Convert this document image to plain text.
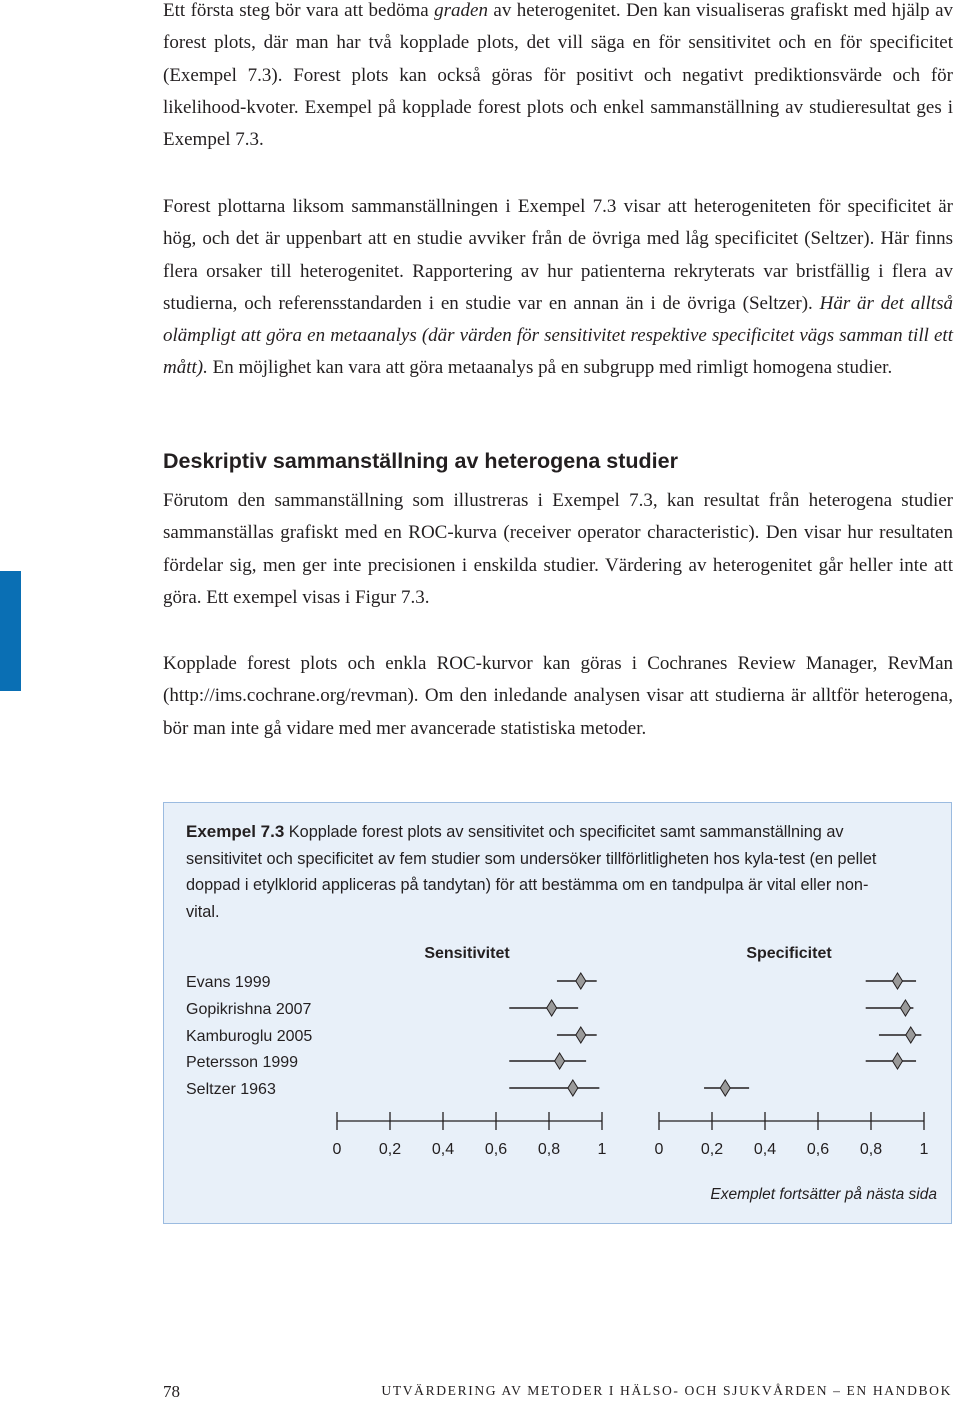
Ett första steg bör vara att bedöma graden av heterogenitet. Den kan visualiseras grafiskt med hjälp av forest plots, där man har två kopplade plots, det vill säga en för sensitivitet och en för specificitet (Exempel 7.3). Forest plots kan också göras för positivt och negativt prediktionsvärde och för likelihood-kvoter. Exempel på kopplade forest plots och enkel sammanställning av studieresultat ges i Exempel 7.3.

Forest plottarna liksom sammanställningen i Exempel 7.3 visar att heterogeniteten för specificitet är hög, och det är uppenbart att en studie avviker från de övriga med låg specificitet (Seltzer). Här finns flera orsaker till heterogenitet. Rapportering av hur patienterna rekryterats var bristfällig i flera av studierna, och referensstandarden i en studie var en annan än i de övriga (Seltzer). Här är det alltså olämpligt att göra en metaanalys (där värden för sensitivitet respektive specificitet vägs samman till ett mått). En möjlighet kan vara att göra metaanalys på en subgrupp med rimligt homogena studier.

Deskriptiv sammanställning av heterogena studier

Förutom den sammanställning som illustreras i Exempel 7.3, kan resultat från heterogena studier sammanställas grafiskt med en ROC-kurva (receiver operator characteristic). Den visar hur resultaten fördelar sig, men ger inte precisionen i enskilda studier. Värdering av heterogenitet går heller inte att göra. Ett exempel visas i Figur 7.3.

Kopplade forest plots och enkla ROC-kurvor kan göras i Cochranes Review Manager, RevMan (http://ims.cochrane.org/revman). Om den inledande analysen visar att studierna är alltför heterogena, bör man inte gå vidare med mer avancerade statistiska metoder.

Exempel 7.3 Kopplade forest plots av sensitivitet och specificitet samt sammanställning av sensitivitet och specificitet av fem studier som undersöker tillförlitligheten hos kyla-test (en pellet doppad i etylklorid appliceras på tandytan) för att bestämma om en tandpulpa är vital eller non-vital.

Sensitivitet	Specificitet
Evans 1999
Gopikrishna 2007
Kamburoglu 2005
Petersson 1999
Seltzer 1963
0 0,2 0,4 0,6 0,8 1	0 0,2 0,4 0,6 0,8 1
Exemplet fortsätter på nästa sida
78	UTVÄRDERING AV METODER I HÄLSO- OCH SJUKVÅRDEN – EN HANDBOK
